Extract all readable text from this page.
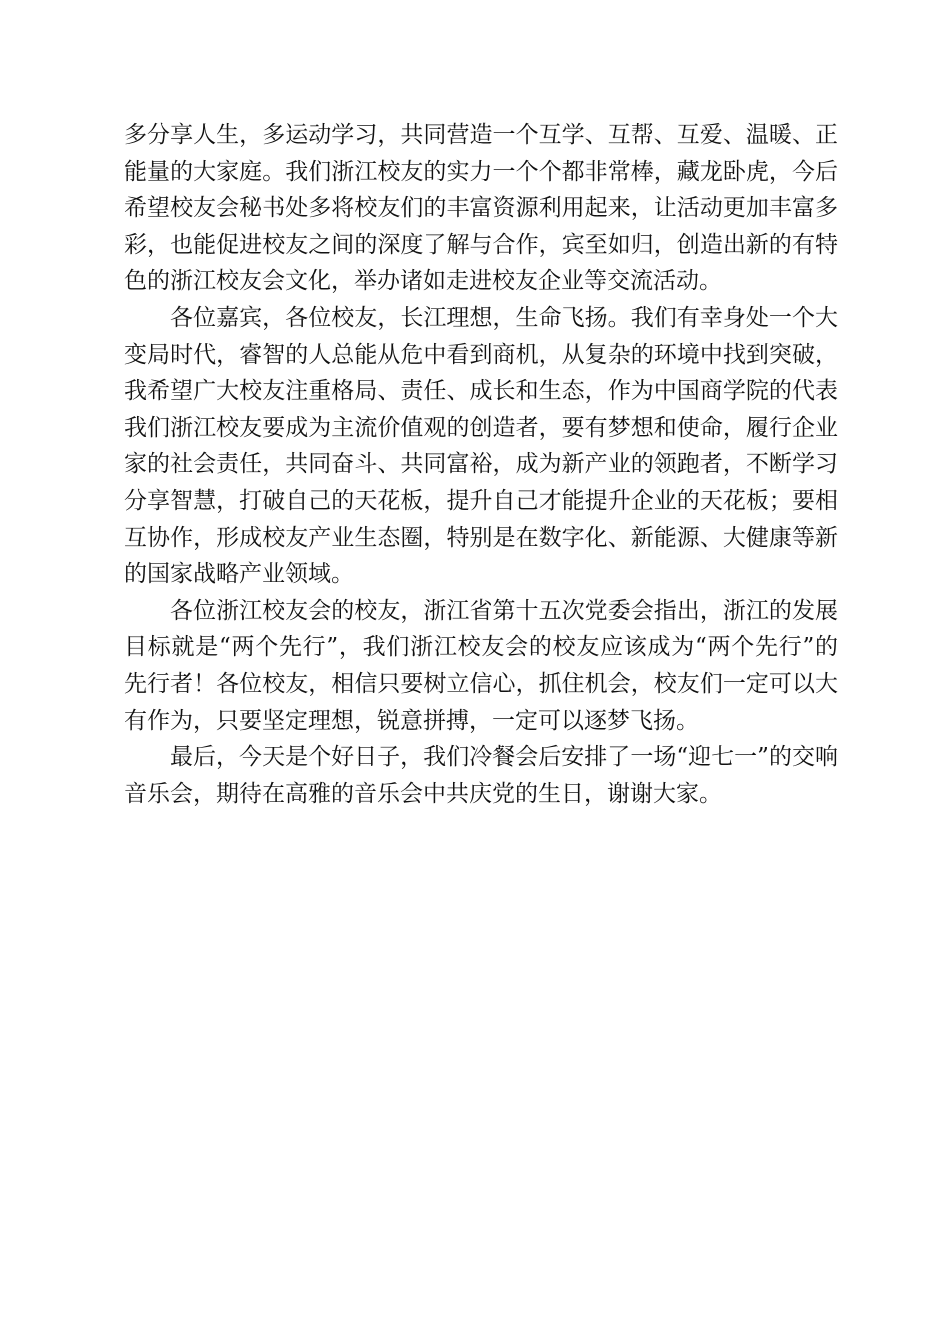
多分享人生，多运动学习，共同营造一个互学、互帮、互爱、温暖、正能量的大家庭。我们浙江校友的实力一个个都非常棒，藏龙卧虎，今后希望校友会秘书处多将校友们的丰富资源利用起来，让活动更加丰富多彩，也能促进校友之间的深度了解与合作，宾至如归，创造出新的有特色的浙江校友会文化，举办诸如走进校友企业等交流活动。

各位嘉宾，各位校友，长江理想，生命飞扬。我们有幸身处一个大变局时代，睿智的人总能从危中看到商机，从复杂的环境中找到突破，我希望广大校友注重格局、责任、成长和生态，作为中国商学院的代表我们浙江校友要成为主流价值观的创造者，要有梦想和使命，履行企业家的社会责任，共同奋斗、共同富裕，成为新产业的领跑者，不断学习分享智慧，打破自己的天花板，提升自己才能提升企业的天花板；要相互协作，形成校友产业生态圈，特别是在数字化、新能源、大健康等新的国家战略产业领域。

各位浙江校友会的校友，浙江省第十五次党委会指出，浙江的发展目标就是“两个先行”，我们浙江校友会的校友应该成为“两个先行”的先行者！各位校友，相信只要树立信心，抓住机会，校友们一定可以大有作为，只要坚定理想，锐意拼搏，一定可以逐梦飞扬。

最后，今天是个好日子，我们冷餐会后安排了一场“迎七一”的交响音乐会，期待在高雅的音乐会中共庆党的生日，谢谢大家。
